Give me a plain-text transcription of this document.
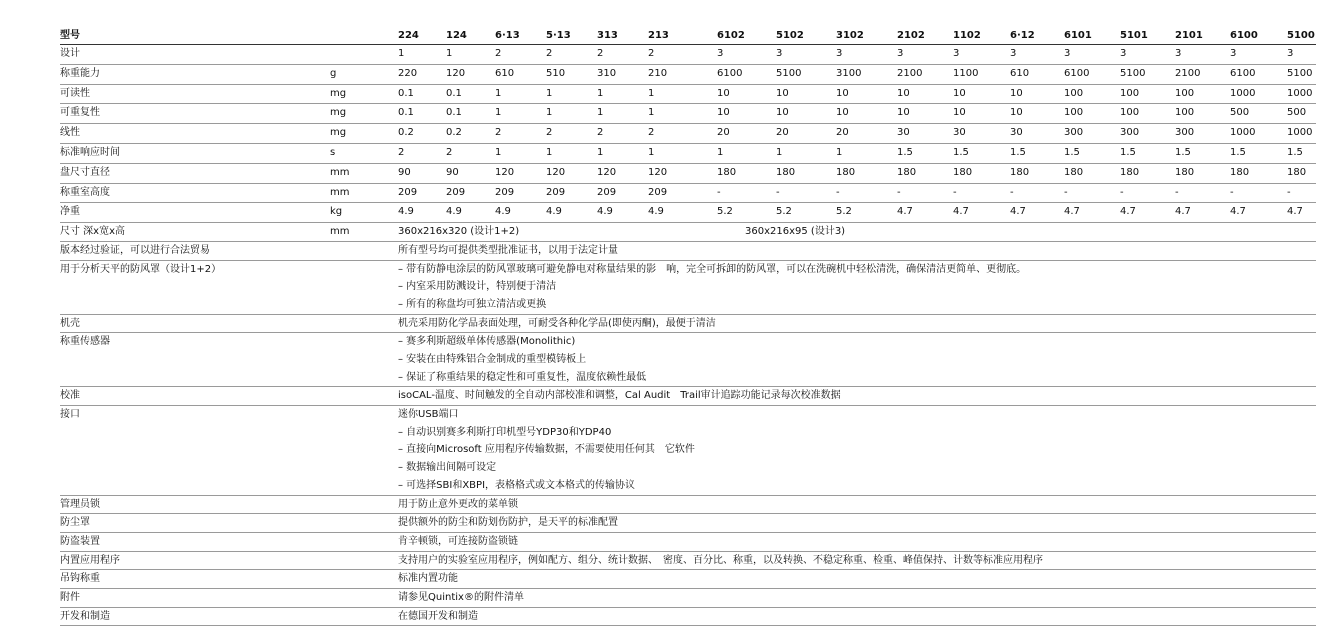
型号	224	124	6·13	5·13	313	213	6102	5102	3102	2102	1102	6·12	6101	5101	2101	6100	5100
设计	1	1	2	2	2	2	3	3	3	3	3	3	3	3	3	3	3
称重能力	g	220	120	610	510	310	210	6100	5100	3100	2100	1100	610	6100	5100	2100	6100	5100
可读性	mg	0.1	0.1	1	1	1	1	10	10	10	10	10	10	100	100	100	1000	1000
可重复性	mg	0.1	0.1	1	1	1	1	10	10	10	10	10	10	100	100	100	500	500
线性	mg	0.2	0.2	2	2	2	2	20	20	20	30	30	30	300	300	300	1000	1000
标准响应时间	s	2	2	1	1	1	1	1	1	1	1.5	1.5	1.5	1.5	1.5	1.5	1.5	1.5
盘尺寸直径	mm	90	90	120	120	120	120	180	180	180	180	180	180	180	180	180	180	180
称重室高度	mm	209	209	209	209	209	209	-	-	-	-	-	-	-	-	-	-	-
净重	kg	4.9	4.9	4.9	4.9	4.9	4.9	5.2	5.2	5.2	4.7	4.7	4.7	4.7	4.7	4.7	4.7	4.7
尺寸 深x宽x高	mm	360x216x320 (设计1+2)	360x216x95 (设计3)
版本经过验证，可以进行合法贸易	所有型号均可提供类型批准证书，以用于法定计量
用于分析天平的防风罩（设计1+2）	– 带有防静电涂层的防风罩玻璃可避免静电对称量结果的影　响，完全可拆卸的防风罩，可以在洗碗机中轻松清洗，确保清洁更简单、更彻底。
– 内室采用防溅设计，特别便于清洁
– 所有的称盘均可独立清洁或更换
机壳	机壳采用防化学品表面处理，可耐受各种化学品(即使丙酮)，最便于清洁
称重传感器	– 赛多利斯超级单体传感器(Monolithic)
– 安装在由特殊铝合金制成的重型模铸板上
– 保证了称重结果的稳定性和可重复性，温度依赖性最低
校准	isoCAL-温度、时间触发的全自动内部校准和调整，Cal Audit　Trail审计追踪功能记录每次校准数据
接口	迷你USB端口
– 自动识别赛多利斯打印机型号YDP30和YDP40
– 直接向Microsoft 应用程序传输数据，不需要使用任何其　它软件
– 数据输出间隔可设定
– 可选择SBI和XBPI，表格格式或文本格式的传输协议
管理员锁	用于防止意外更改的菜单锁
防尘罩	提供额外的防尘和防划伤防护，是天平的标准配置
防盗装置	肯辛顿锁，可连接防盗锁链
内置应用程序	支持用户的实验室应用程序，例如配方、组分、统计数据、　密度、百分比、称重，以及转换、不稳定称重、检重、峰值保持、计数等标准应用程序
吊钩称重	标准内置功能
附件	请参见Quintix®的附件清单
开发和制造	在德国开发和制造
